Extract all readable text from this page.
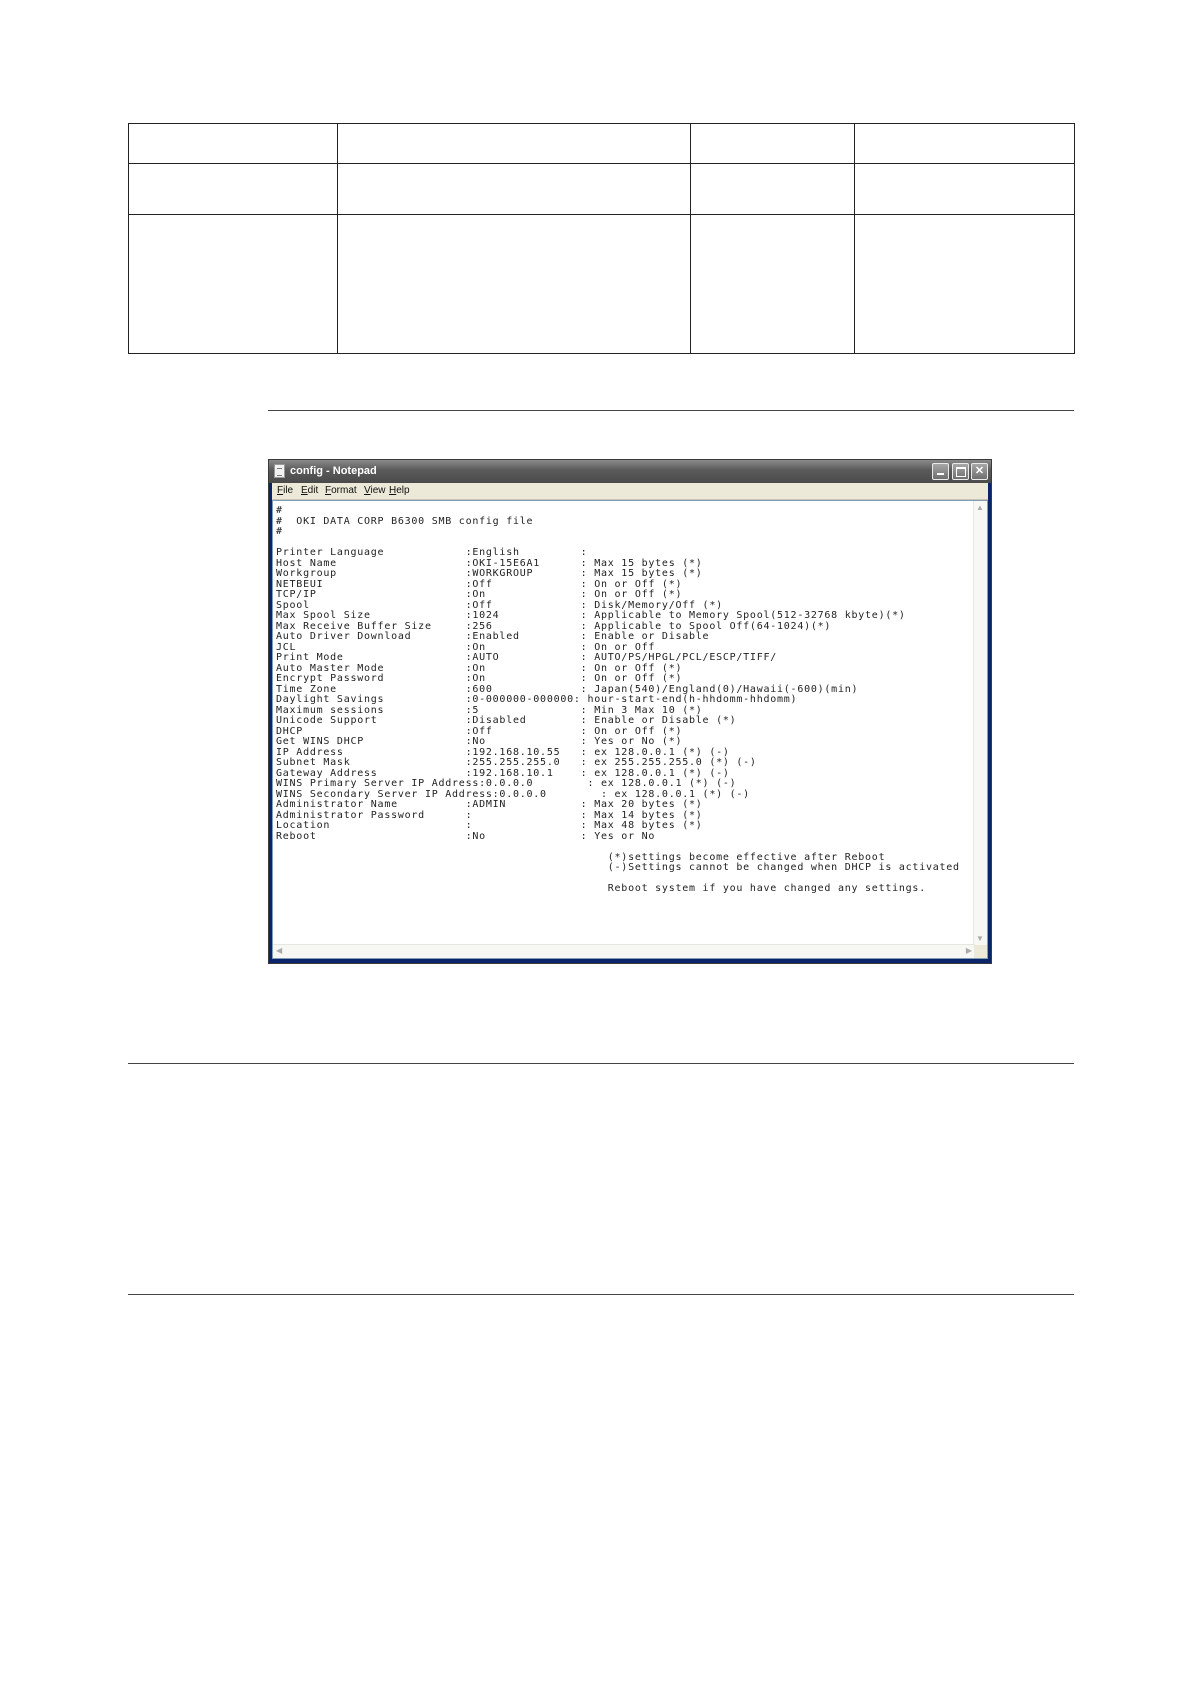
config - Notepad	✕
File Edit Format View Help
#
#  OKI DATA CORP B6300 SMB config file
#

Printer Language            :English         :
Host Name                   :OKI-15E6A1      : Max 15 bytes (*)
Workgroup                   :WORKGROUP       : Max 15 bytes (*)
NETBEUI                     :Off             : On or Off (*)
TCP/IP                      :On              : On or Off (*)
Spool                       :Off             : Disk/Memory/Off (*)
Max Spool Size              :1024            : Applicable to Memory Spool(512-32768 kbyte)(*)
Max Receive Buffer Size     :256             : Applicable to Spool Off(64-1024)(*)
Auto Driver Download        :Enabled         : Enable or Disable
JCL                         :On              : On or Off
Print Mode                  :AUTO            : AUTO/PS/HPGL/PCL/ESCP/TIFF/
Auto Master Mode            :On              : On or Off (*)
Encrypt Password            :On              : On or Off (*)
Time Zone                   :600             : Japan(540)/England(0)/Hawaii(-600)(min)
Daylight Savings            :0-000000-000000: hour-start-end(h-hhdomm-hhdomm)
Maximum sessions            :5               : Min 3 Max 10 (*)
Unicode Support             :Disabled        : Enable or Disable (*)
DHCP                        :Off             : On or Off (*)
Get WINS DHCP               :No              : Yes or No (*)
IP Address                  :192.168.10.55   : ex 128.0.0.1 (*) (-)
Subnet Mask                 :255.255.255.0   : ex 255.255.255.0 (*) (-)
Gateway Address             :192.168.10.1    : ex 128.0.0.1 (*) (-)
WINS Primary Server IP Address:0.0.0.0        : ex 128.0.0.1 (*) (-)
WINS Secondary Server IP Address:0.0.0.0        : ex 128.0.0.1 (*) (-)
Administrator Name          :ADMIN           : Max 20 bytes (*)
Administrator Password      :                : Max 14 bytes (*)
Location                    :                : Max 48 bytes (*)
Reboot                      :No              : Yes or No

(*)settings become effective after Reboot
(-)Settings cannot be changed when DHCP is activated

Reboot system if you have changed any settings.
▲
▼
◀	▶
